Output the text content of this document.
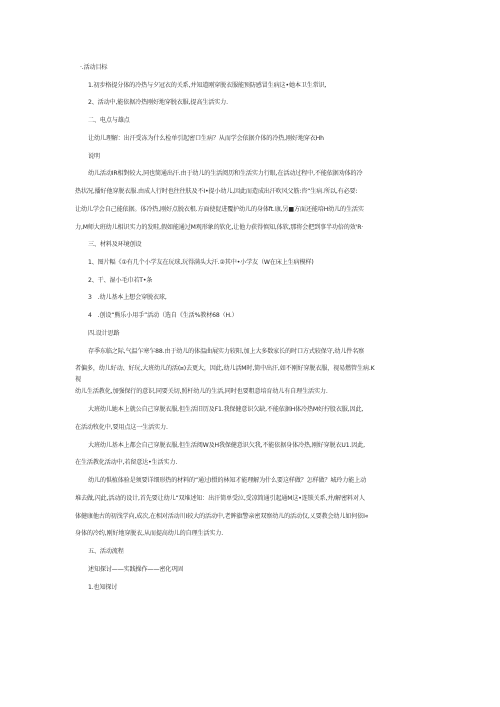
·.活动目标
1.初步格提分体的冷热与夕冠衣的关系,并知道刚穿脱衣服能预防感冒生病这•她本卫生常识,
2、活动中,能依据冷热刚好地穿脱衣服,提高生活实力.
二、电点与雄点
让幼儿理解：出汗受冻为什么检单引起密口生病？从而学会依据介体的冷热,刚好地穿衣Hh
说明
幼儿活动IR相對较大,同也简通出汗.由于幼儿的生活阅历和生活实力行眼,在活动过程中,不能依据劝体的冷
热状况,播好他穿脱衣服.由成人行时也往往肤及不I•提小幼儿,因此而造成出汗吹风父筋:咨“生病.所以,有必要:
让幼儿学会自己能依据。体冷热,刚好点脱衣根.方面使促进覆护幼儿的身体ft.康,另■方面还能培H幼儿的生活实
力,M师大班幼儿相识实力的发畦,假如能通过M观形象的软化,让他力获得慎知,体软,那将会把到事半功倍的效'R·
三、材料及环境创设
1、图片幅《①有几个小学友在玩球,玩得满头大汗.②其中•小学友（W在床上生病模样)
2、干、湿小毛巾若T•条
3　.幼儿基本上想会穿脱衣球,
4　.创设“熊乐小用手”活动（选自《生活%教材68（H.）
四.设计思路
存季东临之际,气温乍寒乍88.由于幼儿的体温曲展实力较阳,加上大多数家长的时口方式较保守,幼儿件名察
者偏多，幼儿好动、好玩,大班幼儿的活(¤)去更大，因此,幼儿活M时,简中出汗,如不刚好穿脱衣服，视易燃管生病.K
视
幼儿生活教化,加强保行的意识,同要关切,照杆幼儿的生活,同时也要粗意培育幼儿有自理生活实力.
大班幼儿她本上就公自己穿脱衣服,但生活旧历及F1.我保健意识欠缺,不能依据H体冷热M好拧股衣服,因此,
在活动牧化中,要用点这一生活实力.
大班幼儿基本上都会自己穿脱衣服,但生活阅W及H我保健意识欠我,不能依据身体冷热,刚好穿脱衣U1.因此,
在生活教化活动中,若留意达•生活实力.
幼儿的惧植体验是须要详细形热的材料的“通过Ⅰ慑的林知才能理解为什么要这样做？怎样做？城玲力能上动
堆去做,闪此,活动的设计,首先要让幼儿“双堆述知：出汗简单受泣,受凉简通引起通M这•连锁关系,并/解密料对人
体健康他古的初浅学向,成次,在相对活动川I较大的活动中,老眸旗警亲密双察幼儿的活动仅,乂要教会幼儿如何依I«
身体的冷约,刚好地穿脱衣,从而提高幼儿的自理生活实力.
五、活动流程
述知探讨——实践操作——密化巩固
1.也知探讨
